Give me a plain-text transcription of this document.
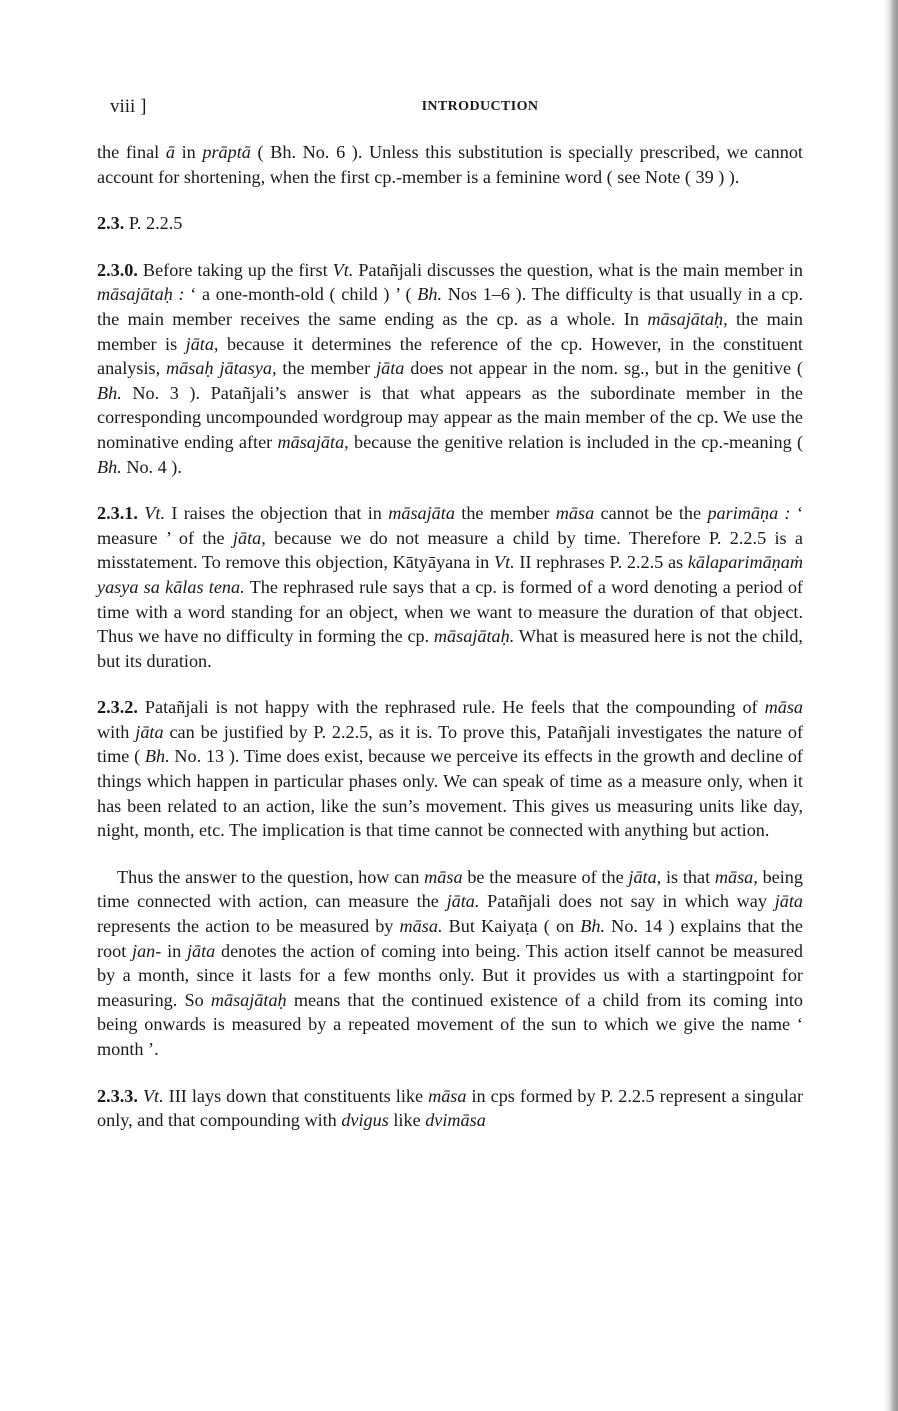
viii ]	INTRODUCTION

the final ā in prāptā ( Bh. No. 6 ). Unless this substitution is specially prescribed, we cannot account for shortening, when the first cp.-member is a feminine word ( see Note ( 39 ) ).

2.3. P. 2.2.5

2.3.0. Before taking up the first Vt. Patañjali discusses the question, what is the main member in māsajātaḥ : ‘ a one-month-old ( child ) ’ ( Bh. Nos 1–6 ). The difficulty is that usually in a cp. the main member receives the same ending as the cp. as a whole. In māsajātaḥ, the main member is jāta, because it determines the reference of the cp. However, in the constituent analysis, māsaḥ jātasya, the member jāta does not appear in the nom. sg., but in the genitive ( Bh. No. 3 ). Patañjali’s answer is that what appears as the subordinate member in the corresponding uncompounded wordgroup may appear as the main member of the cp. We use the nominative ending after māsajāta, because the genitive relation is included in the cp.-meaning ( Bh. No. 4 ).

2.3.1. Vt. I raises the objection that in māsajāta the member māsa cannot be the parimāṇa : ‘ measure ’ of the jāta, because we do not measure a child by time. Therefore P. 2.2.5 is a misstatement. To remove this objection, Kātyāyana in Vt. II rephrases P. 2.2.5 as kālaparimāṇaṁ yasya sa kālas tena. The rephrased rule says that a cp. is formed of a word denoting a period of time with a word standing for an object, when we want to measure the duration of that object. Thus we have no difficulty in forming the cp. māsajātaḥ. What is measured here is not the child, but its duration.

2.3.2. Patañjali is not happy with the rephrased rule. He feels that the compounding of māsa with jāta can be justified by P. 2.2.5, as it is. To prove this, Patañjali investigates the nature of time ( Bh. No. 13 ). Time does exist, because we perceive its effects in the growth and decline of things which happen in particular phases only. We can speak of time as a measure only, when it has been related to an action, like the sun’s movement. This gives us measuring units like day, night, month, etc. The implication is that time cannot be connected with anything but action.

Thus the answer to the question, how can māsa be the measure of the jāta, is that māsa, being time connected with action, can measure the jāta. Patañjali does not say in which way jāta represents the action to be measured by māsa. But Kaiyaṭa ( on Bh. No. 14 ) explains that the root jan- in jāta denotes the action of coming into being. This action itself cannot be measured by a month, since it lasts for a few months only. But it provides us with a startingpoint for measuring. So māsajātaḥ means that the continued existence of a child from its coming into being onwards is measured by a repeated movement of the sun to which we give the name ‘ month ’.

2.3.3. Vt. III lays down that constituents like māsa in cps formed by P. 2.2.5 represent a singular only, and that compounding with dvigus like dvimāsa
